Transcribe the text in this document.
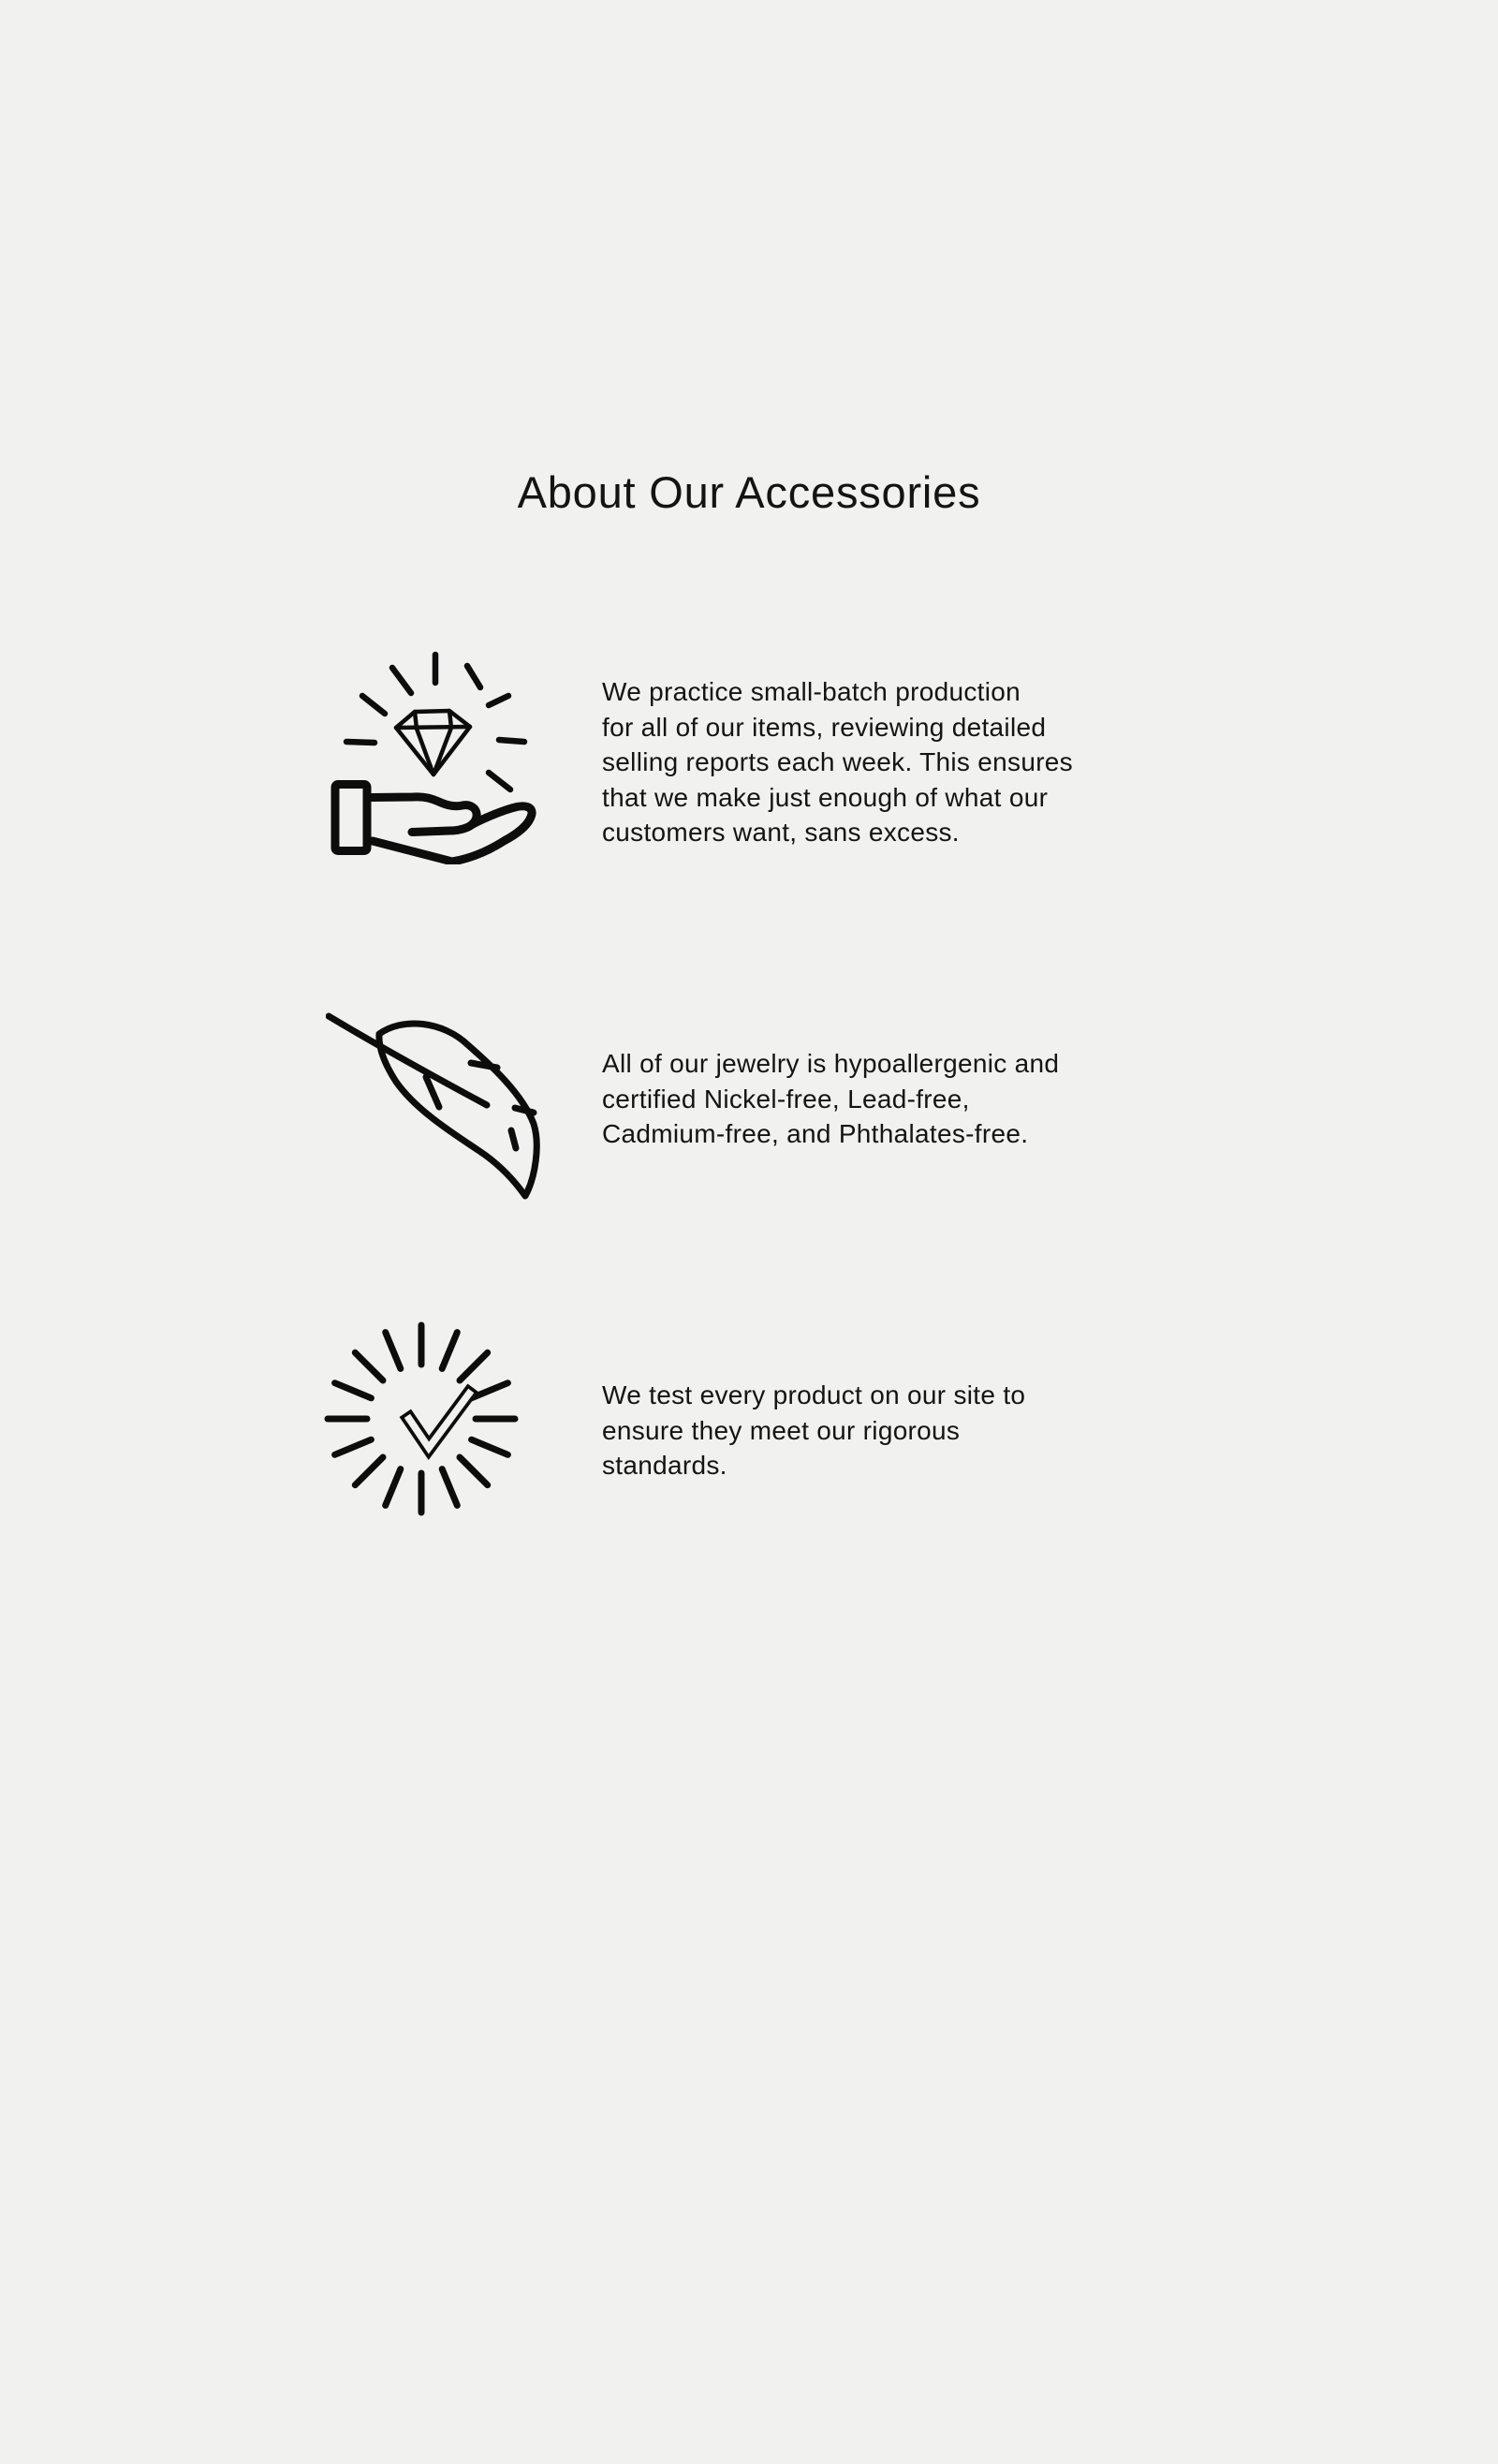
About Our Accessories
We practice small-batch production
for all of our items, reviewing detailed
selling reports each week. This ensures
that we make just enough of what our
customers want, sans excess.
All of our jewelry is hypoallergenic and
certified Nickel-free, Lead-free,
Cadmium-free, and Phthalates-free.
We test every product on our site to
ensure they meet our rigorous
standards.
